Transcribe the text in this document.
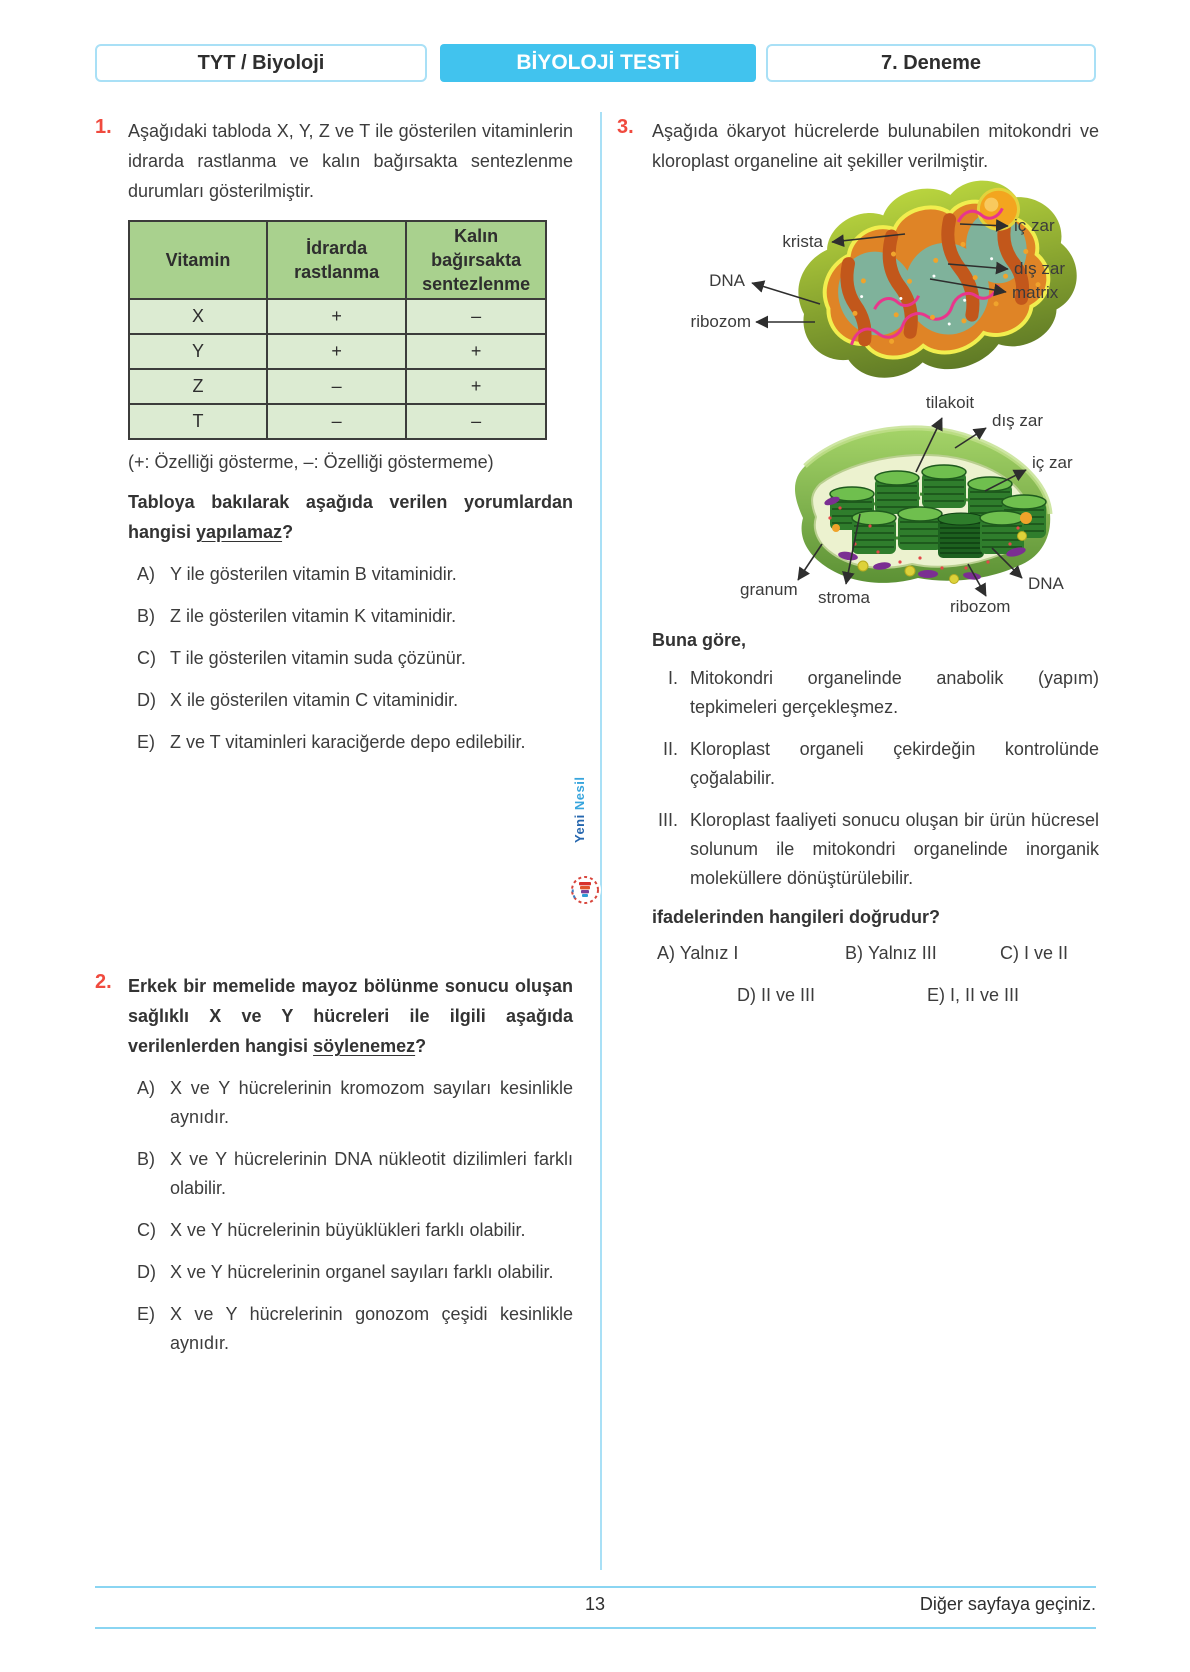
TYT / Biyoloji	BİYOLOJİ TESTİ	7. Deneme
Yeni Nesil
1. Aşağıdaki tabloda X, Y, Z ve T ile gösterilen vitaminlerin idrarda rastlanma ve kalın bağırsakta sentezlenme durumları gösterilmiştir.

Vitamin	İdrarda rastlanma	Kalın bağırsakta sentezlenme
X	+	–
Y	+	+
Z	–	+
T	–	–

(+: Özelliği gösterme, –: Özelliği göstermeme)

Tabloya bakılarak aşağıda verilen yorumlardan hangisi yapılamaz?

A) Y ile gösterilen vitamin B vitaminidir.
B) Z ile gösterilen vitamin K vitaminidir.
C) T ile gösterilen vitamin suda çözünür.
D) X ile gösterilen vitamin C vitaminidir.
E) Z ve T vitaminleri karaciğerde depo edilebilir.
2. Erkek bir memelide mayoz bölünme sonucu oluşan sağlıklı X ve Y hücreleri ile ilgili aşağıda verilenlerden hangisi söylenemez?

A) X ve Y hücrelerinin kromozom sayıları kesinlikle aynıdır.
B) X ve Y hücrelerinin DNA nükleotit dizilimleri farklı olabilir.
C) X ve Y hücrelerinin büyüklükleri farklı olabilir.
D) X ve Y hücrelerinin organel sayıları farklı olabilir.
E) X ve Y hücrelerinin gonozom çeşidi kesinlikle aynıdır.
3. Aşağıda ökaryot hücrelerde bulunabilen mitokondri ve kloroplast organeline ait şekiller verilmiştir.

krista
DNA
ribozom
iç zar
dış zar
matrix
tilakoit
dış zar
iç zar
DNA
ribozom
stroma
granum

Buna göre,

I. Mitokondri organelinde anabolik (yapım) tepkimeleri gerçekleşmez.
II. Kloroplast organeli çekirdeğin kontrolünde çoğalabilir.
III. Kloroplast faaliyeti sonucu oluşan bir ürün hücresel solunum ile mitokondri organelinde inorganik moleküllere dönüştürülebilir.

ifadelerinden hangileri doğrudur?

A) Yalnız I	B) Yalnız III	C) I ve II
D) II ve III	E) I, II ve III
13	Diğer sayfaya geçiniz.
